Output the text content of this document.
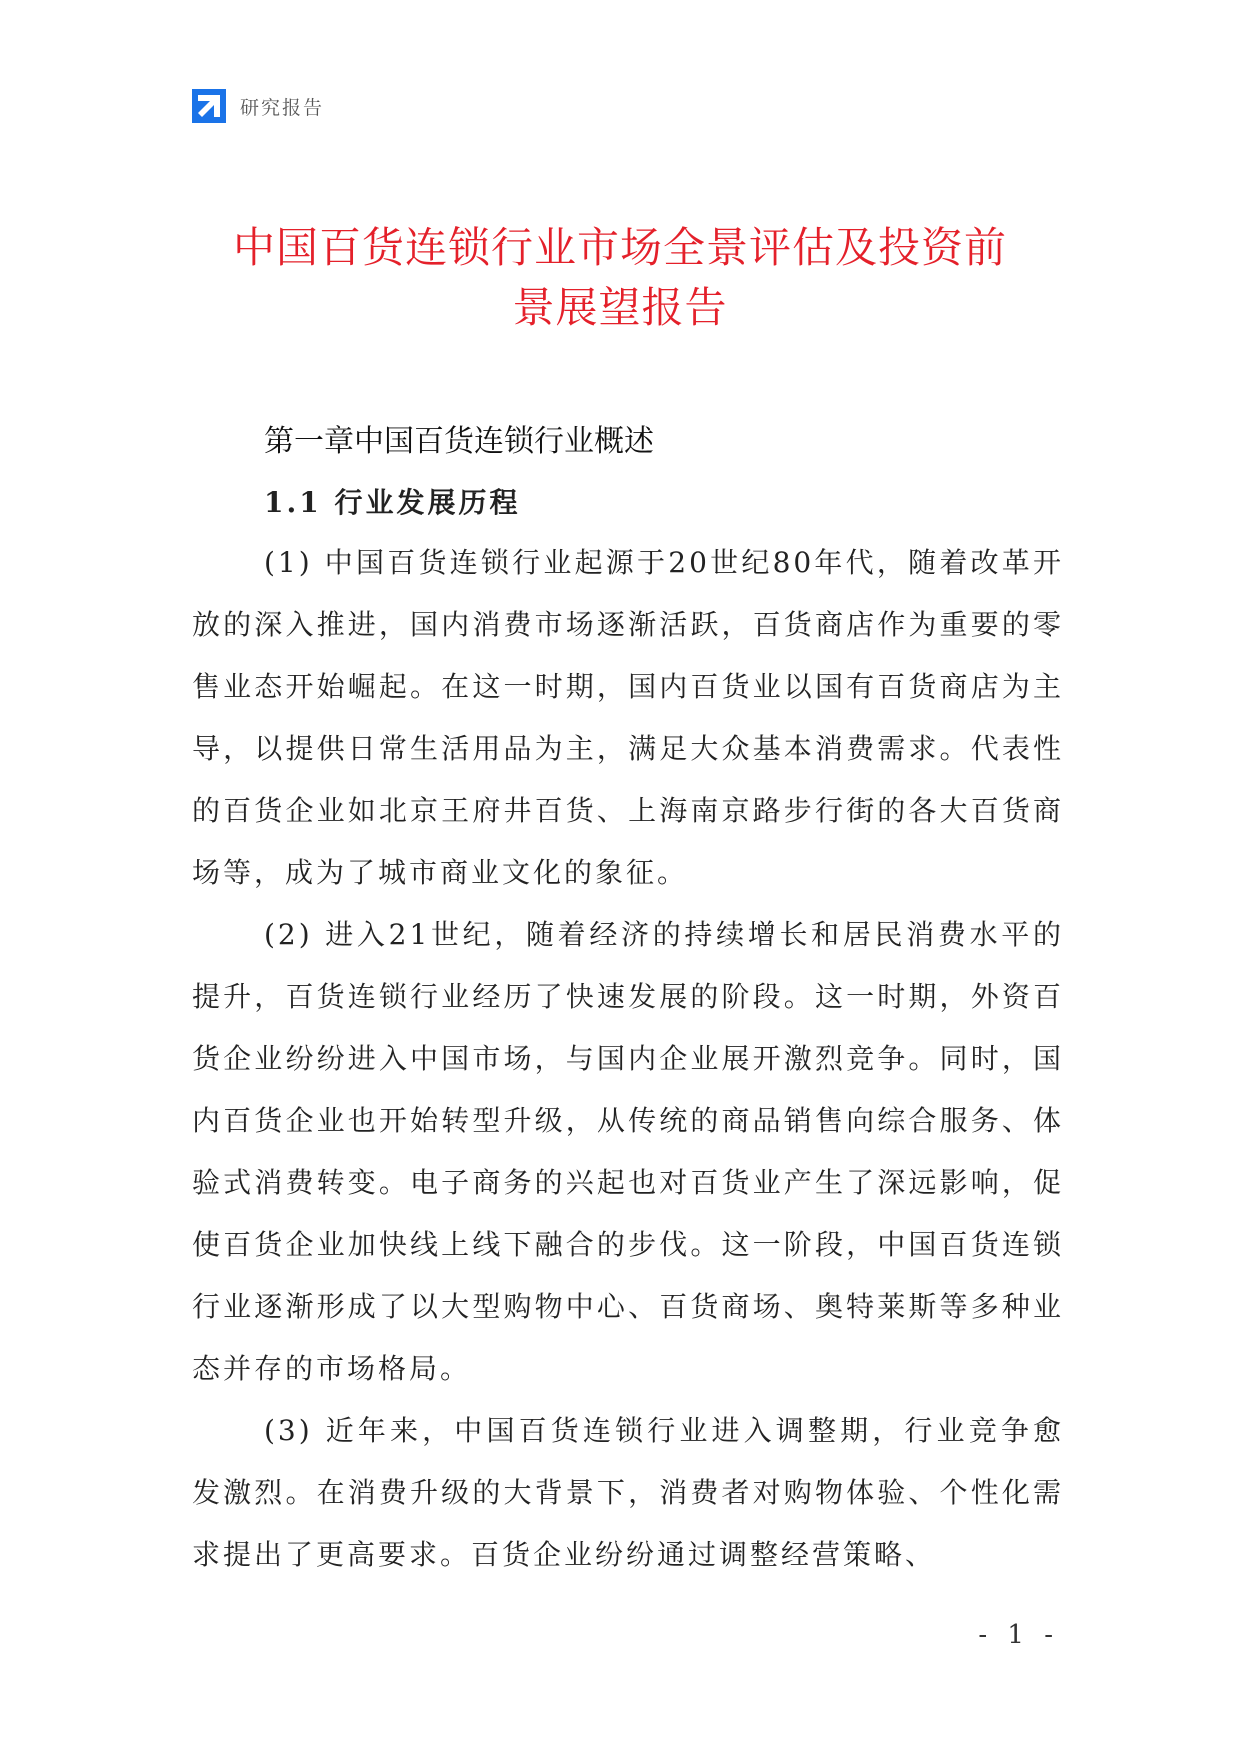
研究报告
中国百货连锁行业市场全景评估及投资前
景展望报告
第一章中国百货连锁行业概述
1.1 行业发展历程

(1) 中国百货连锁行业起源于20世纪80年代，随着改革开放的深入推进，国内消费市场逐渐活跃，百货商店作为重要的零售业态开始崛起。在这一时期，国内百货业以国有百货商店为主导，以提供日常生活用品为主，满足大众基本消费需求。代表性的百货企业如北京王府井百货、上海南京路步行街的各大百货商场等，成为了城市商业文化的象征。

(2) 进入21世纪，随着经济的持续增长和居民消费水平的提升，百货连锁行业经历了快速发展的阶段。这一时期，外资百货企业纷纷进入中国市场，与国内企业展开激烈竞争。同时，国内百货企业也开始转型升级，从传统的商品销售向综合服务、体验式消费转变。电子商务的兴起也对百货业产生了深远影响，促使百货企业加快线上线下融合的步伐。这一阶段，中国百货连锁行业逐渐形成了以大型购物中心、百货商场、奥特莱斯等多种业态并存的市场格局。

(3) 近年来，中国百货连锁行业进入调整期，行业竞争愈发激烈。在消费升级的大背景下，消费者对购物体验、个性化需求提出了更高要求。百货企业纷纷通过调整经营策略、

- 1 -
